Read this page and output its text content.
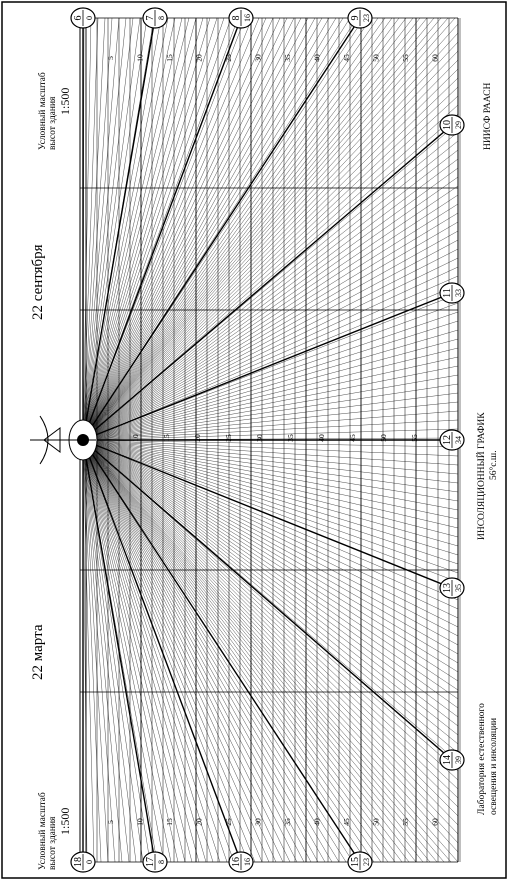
10	15	20	25	30	35	40	45	50	55
5
5
10
10
15
15
20
20
25
25
30
30
35
35
40
40
45
45
50
50
55
55
60
60
6 0	7 8	8 16	9 23
10 29
11 33
12 34
13 35
14 39
15 23
16 16
17 8
18 0
Условный масштаб высот здания 1:500
22 марта
22 сентября
Условный масштаб высот здания 1:500
Лаборатория естественного освещения и инсоляции
ИНСОЛЯЦИОННЫЙ ГРАФИК 56°с.ш.
НИИСФ РААСН
